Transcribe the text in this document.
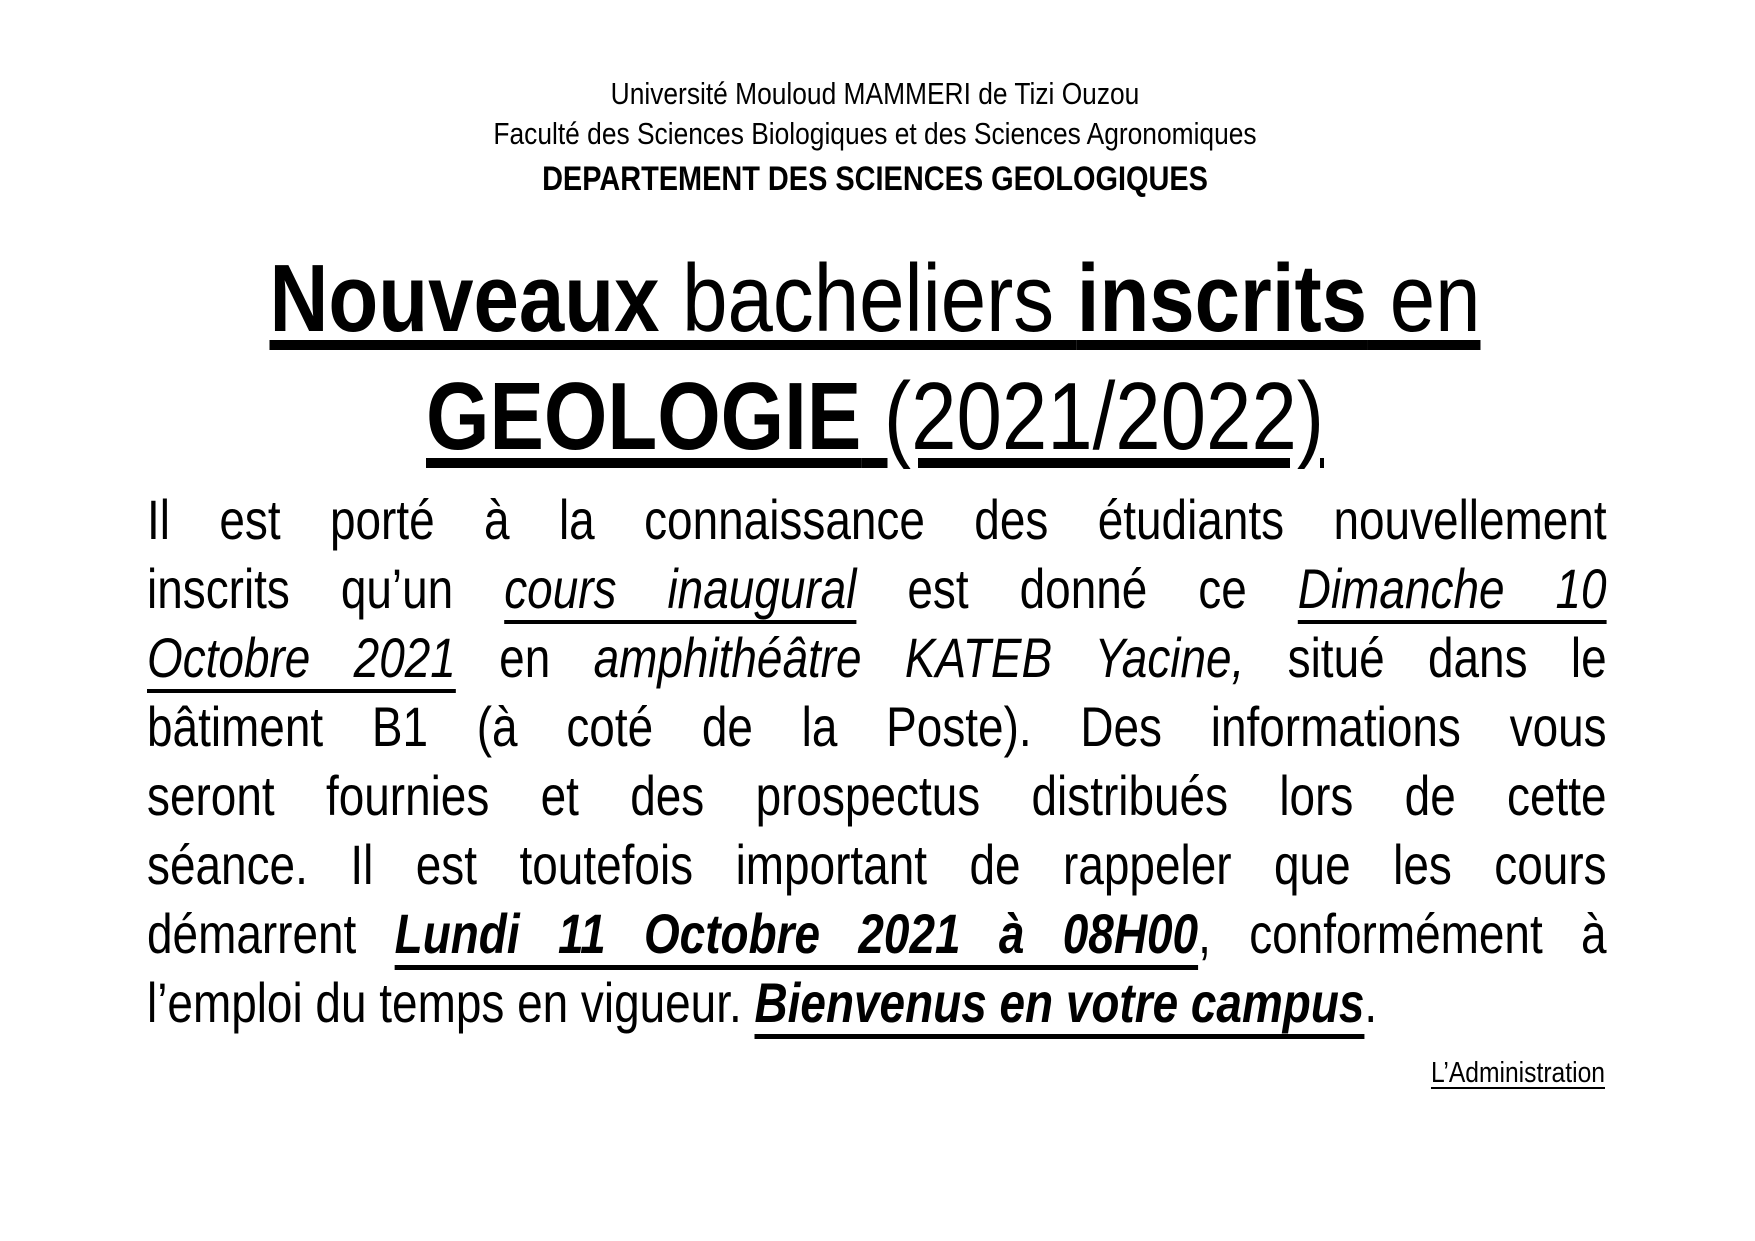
Université Mouloud MAMMERI de Tizi Ouzou
Faculté des Sciences Biologiques et des Sciences Agronomiques
DEPARTEMENT DES SCIENCES GEOLOGIQUES
Nouveaux bacheliers inscrits en
GEOLOGIE (2021/2022)
Il est porté à la connaissance des étudiants nouvellement
inscrits qu’un cours inaugural est donné ce Dimanche 10
Octobre 2021 en amphithéâtre KATEB Yacine, situé dans le
bâtiment B1 (à coté de la Poste). Des informations vous
seront fournies et des prospectus distribués lors de cette
séance. Il est toutefois important de rappeler que les cours
démarrent Lundi 11 Octobre 2021 à 08H00, conformément à
l’emploi du temps en vigueur. Bienvenus en votre campus.
L’Administration
